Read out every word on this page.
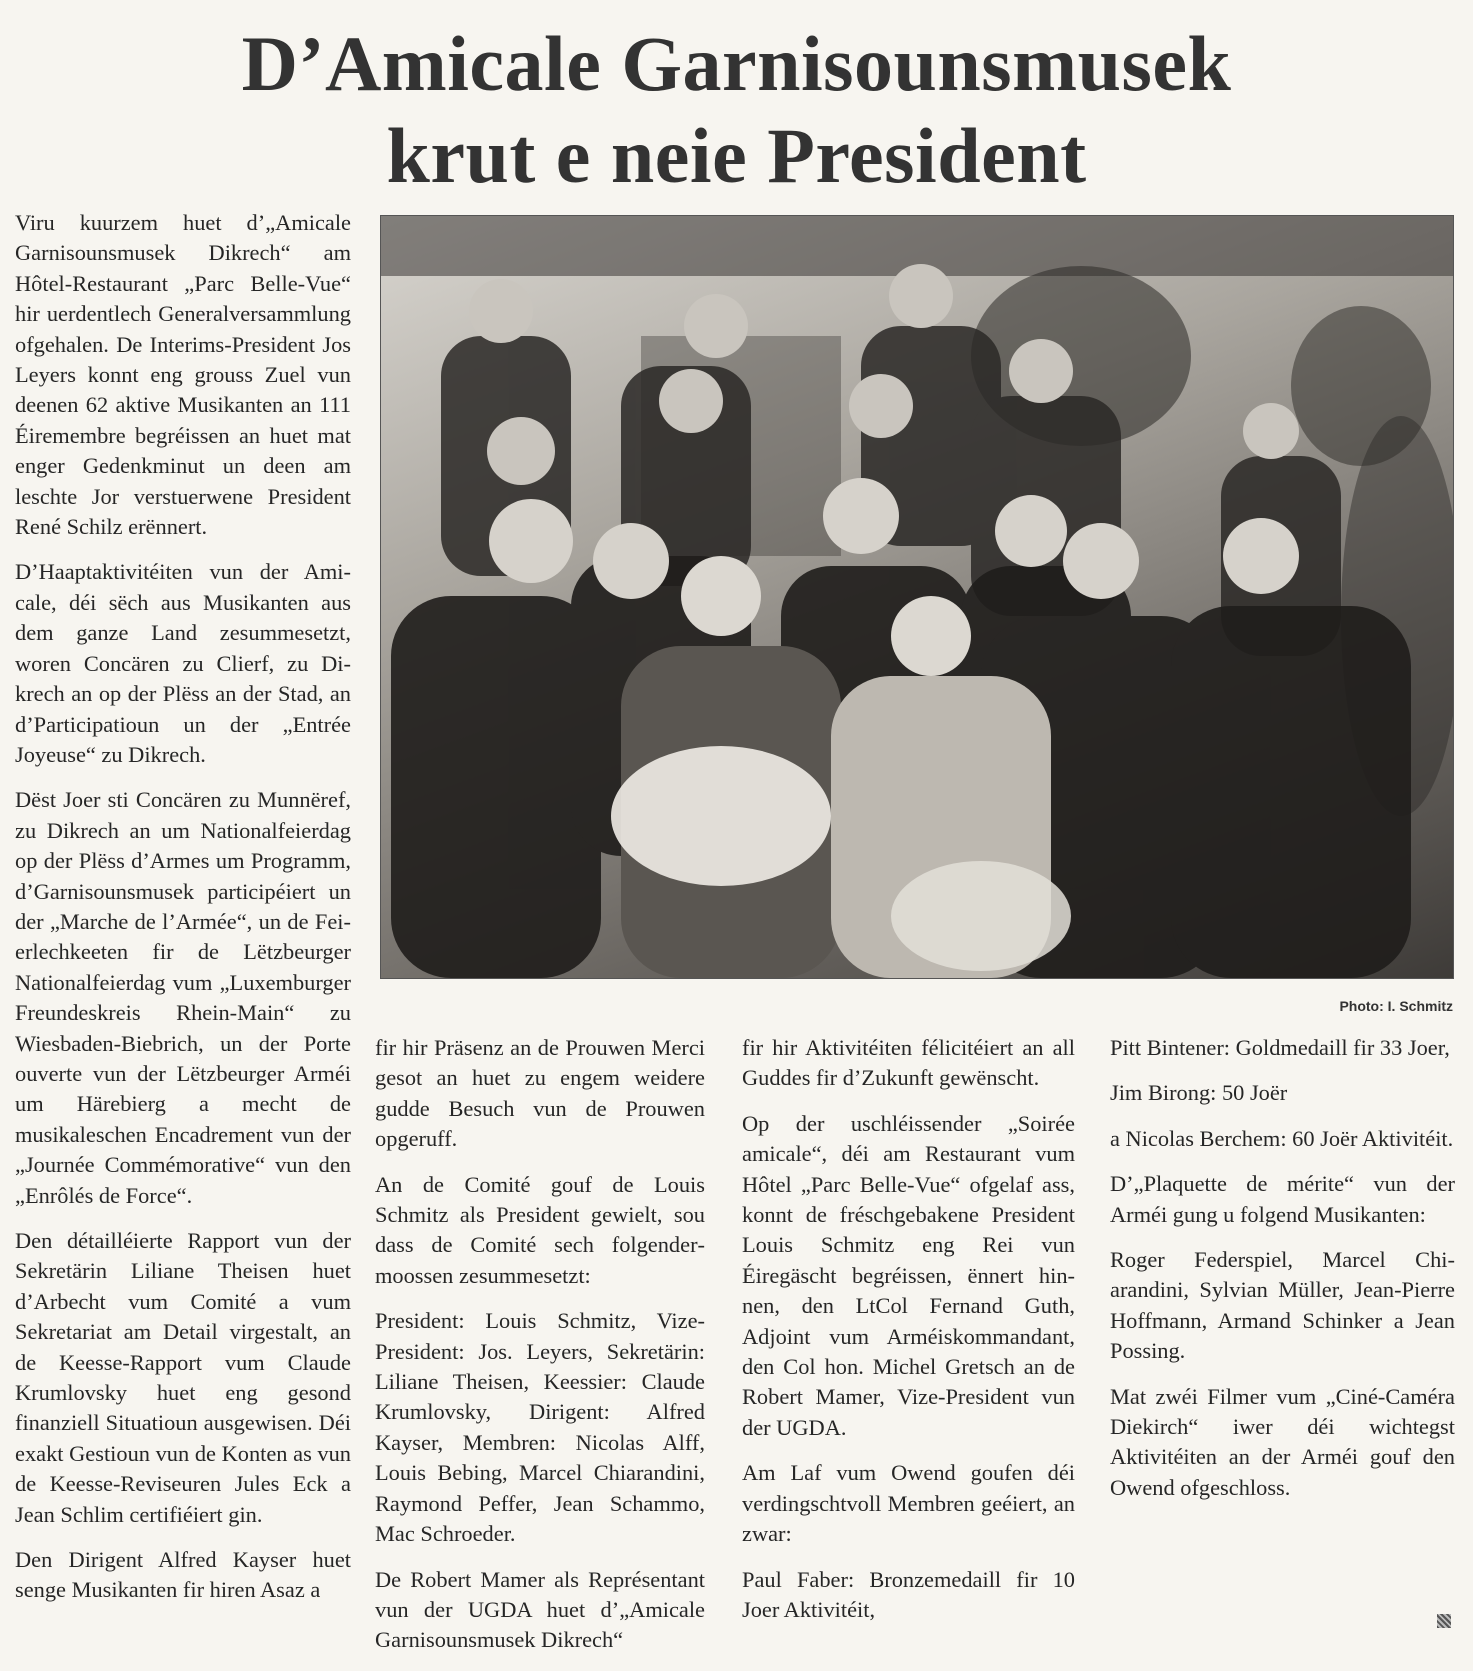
D’Amicale Garnisounsmusek
krut e neie President

Viru kuurzem huet d’„Amicale Garnisounsmusek Dikrech“ am Hôtel-Restaurant „Parc Belle-Vue“ hir uerdentlech Generalversammlung ofgehalen. De Interims-President Jos Leyers konnt eng grouss Zuel vun deenen 62 aktive Musikanten an 111 Éiremembre begréissen an huet mat enger Gedenkminut un deen am leschte Jor verstuerwene President René Schilz erënnert.

D’Haaptaktivitéiten vun der Amicale, déi sëch aus Musikanten aus dem ganze Land zesummesetzt, woren Concären zu Clierf, zu Dikrech an op der Plëss an der Stad, an d’Participatioun un der „Entrée Joyeuse“ zu Dikrech.

Dëst Joer sti Concären zu Munnëref, zu Dikrech an um Nationalfeierdag op der Plëss d’Armes um Programm, d’Garnisounsmusek participéiert un der „Marche de l’Armée“, un de Feierlechkeeten fir de Lëtzbeurger Nationalfeierdag vum „Luxemburger Freundeskreis Rhein-Main“ zu Wiesbaden-Biebrich, un der Porte ouverte vun der Lëtzbeurger Arméi um Härebierg a mecht de musikaleschen Encadrement vun der „Journée Commémorative“ vun den „Enrôlés de Force“.

Den détailléierte Rapport vun der Sekretärin Liliane Theisen huet d’Arbecht vum Comité a vum Sekretariat am Detail virgestalt, an de Keesse-Rapport vum Claude Krumlovsky huet eng gesond finanziell Situatioun ausgewisen. Déi exakt Gestioun vun de Konten as vun de Keesse-Reviseuren Jules Eck a Jean Schlim certifiéiert gin.

Den Dirigent Alfred Kayser huet senge Musikanten fir hiren Asaz a

Photo: I. Schmitz

fir hir Präsenz an de Prouwen Merci gesot an huet zu engem weidere gudde Besuch vun de Prouwen opgeruff.

An de Comité gouf de Louis Schmitz als President gewielt, sou dass de Comité sech folgendermoossen zesummesetzt:

President: Louis Schmitz, Vize-President: Jos. Leyers, Sekretärin: Liliane Theisen, Keessier: Claude Krumlovsky, Dirigent: Alfred Kayser, Membren: Nicolas Alff, Louis Bebing, Marcel Chiarandini, Raymond Peffer, Jean Schammo, Mac Schroeder.

De Robert Mamer als Représentant vun der UGDA huet d’„Amicale Garnisounsmusek Dikrech“

fir hir Aktivitéiten félicitéiert an all Guddes fir d’Zukunft gewënscht.

Op der uschléissender „Soirée amicale“, déi am Restaurant vum Hôtel „Parc Belle-Vue“ ofgelaf ass, konnt de fréschgebakene President Louis Schmitz eng Rei vun Éiregäscht begréissen, ënnert hinnen, den LtCol Fernand Guth, Adjoint vum Arméiskommandant, den Col hon. Michel Gretsch an de Robert Mamer, Vize-President vun der UGDA.

Am Laf vum Owend goufen déi verdingschtvoll Membren geéiert, an zwar:

Paul Faber: Bronzemedaill fir 10 Joer Aktivitéit,

Pitt Bintener: Goldmedaill fir 33 Joer,

Jim Birong: 50 Joër

a Nicolas Berchem: 60 Joër Aktivitéit.

D’„Plaquette de mérite“ vun der Arméi gung u folgend Musikanten:

Roger Federspiel, Marcel Chiarandini, Sylvian Müller, Jean-Pierre Hoffmann, Armand Schinker a Jean Possing.

Mat zwéi Filmer vum „Ciné-Caméra Diekirch“ iwer déi wichtegst Aktivitéiten an der Arméi gouf den Owend ofgeschloss.
